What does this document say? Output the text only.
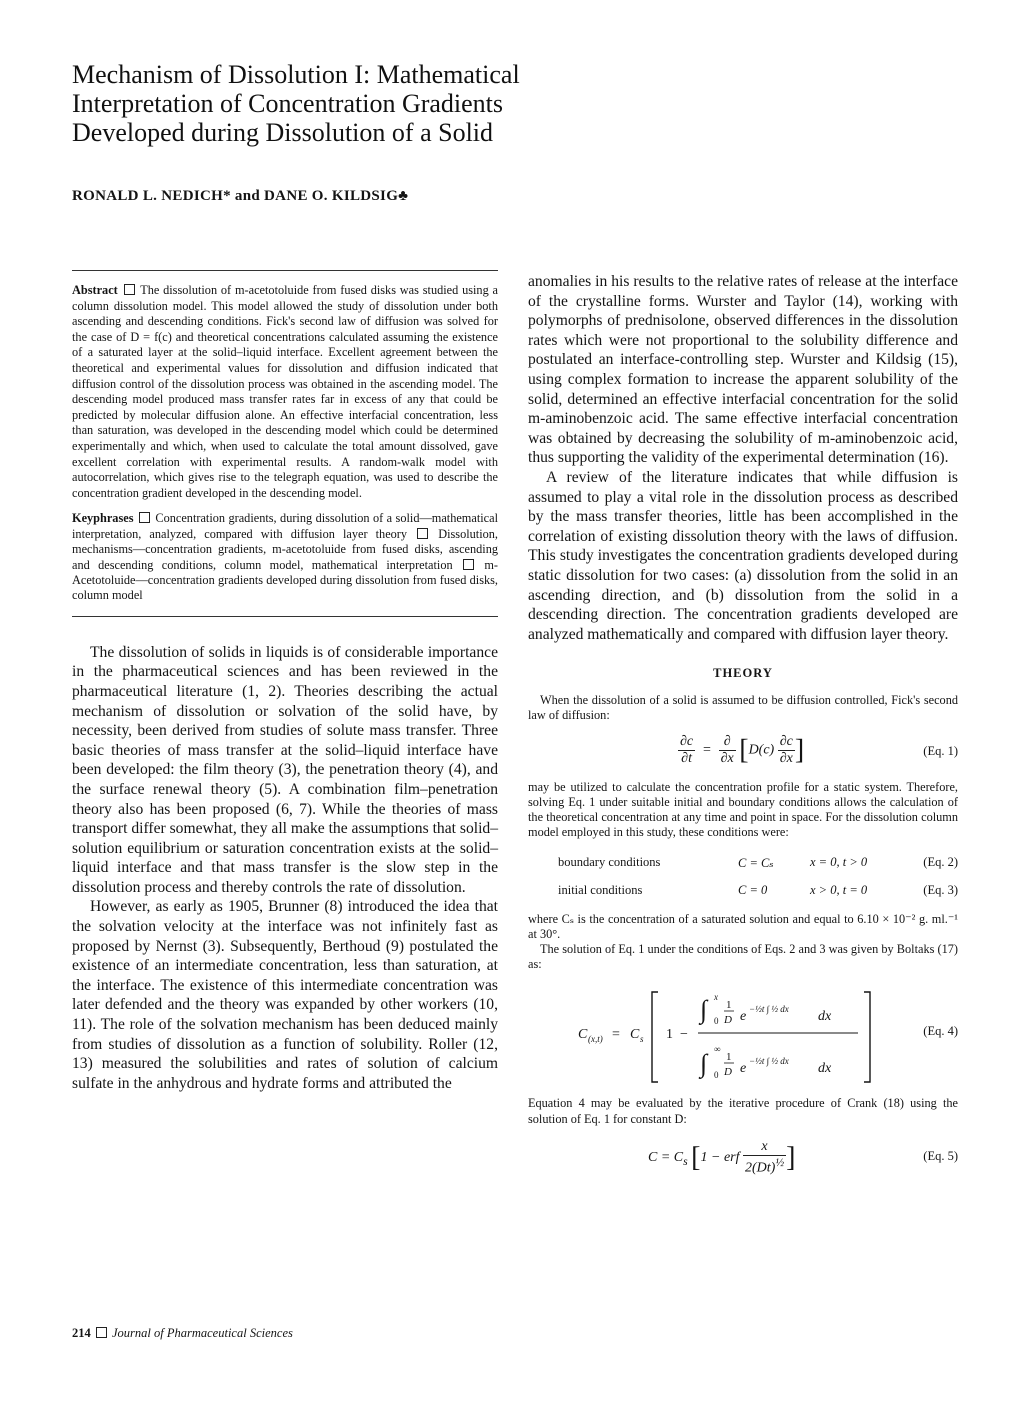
Mechanism of Dissolution I: Mathematical
Interpretation of Concentration Gradients
Developed during Dissolution of a Solid

RONALD L. NEDICH* and DANE O. KILDSIG♣

Abstract The dissolution of m-acetotoluide from fused disks was studied using a column dissolution model. This model allowed the study of dissolution under both ascending and descending conditions. Fick's second law of diffusion was solved for the case of D = f(c) and theoretical concentrations calculated assuming the existence of a saturated layer at the solid–liquid interface. Excellent agreement between the theoretical and experimental values for dissolution and diffusion indicated that diffusion control of the dissolution process was obtained in the ascending model. The descending model produced mass transfer rates far in excess of any that could be predicted by molecular diffusion alone. An effective interfacial concentration, less than saturation, was developed in the descending model which could be determined experimentally and which, when used to calculate the total amount dissolved, gave excellent correlation with experimental results. A random-walk model with autocorrelation, which gives rise to the telegraph equation, was used to describe the concentration gradient developed in the descending model.

Keyphrases Concentration gradients, during dissolution of a solid—mathematical interpretation, analyzed, compared with diffusion layer theory	Dissolution, mechanisms—concentration gradients, m-acetotoluide from fused disks, ascending and descending conditions, column model, mathematical interpretation	m-Acetotoluide—concentration gradients developed during dissolution from fused disks, column model

The dissolution of solids in liquids is of considerable importance in the pharmaceutical sciences and has been reviewed in the pharmaceutical literature (1, 2). Theories describing the actual mechanism of dissolution or solvation of the solid have, by necessity, been derived from studies of solute mass transfer. Three basic theories of mass transfer at the solid–liquid interface have been developed: the film theory (3), the penetration theory (4), and the surface renewal theory (5). A combination film–penetration theory also has been proposed (6, 7). While the theories of mass transport differ somewhat, they all make the assumptions that solid–solution equilibrium or saturation concentration exists at the solid–liquid interface and that mass transfer is the slow step in the dissolution process and thereby controls the rate of dissolution.

However, as early as 1905, Brunner (8) introduced the idea that the solvation velocity at the interface was not infinitely fast as proposed by Nernst (3). Subsequently, Berthoud (9) postulated the existence of an intermediate concentration, less than saturation, at the interface. The existence of this intermediate concentration was later defended and the theory was expanded by other workers (10, 11). The role of the solvation mechanism has been deduced mainly from studies of dissolution as a function of solubility. Roller (12, 13) measured the solubilities and rates of solution of calcium sulfate in the anhydrous and hydrate forms and attributed the

anomalies in his results to the relative rates of release at the interface of the crystalline forms. Wurster and Taylor (14), working with polymorphs of prednisolone, observed differences in the dissolution rates which were not proportional to the solubility difference and postulated an interface-controlling step. Wurster and Kildsig (15), using complex formation to increase the apparent solubility of the solid, determined an effective interfacial concentration for the solid m-aminobenzoic acid. The same effective interfacial concentration was obtained by decreasing the solubility of m-aminobenzoic acid, thus supporting the validity of the experimental determination (16).

A review of the literature indicates that while diffusion is assumed to play a vital role in the dissolution process as described by the mass transfer theories, little has been accomplished in the correlation of existing dissolution theory with the laws of diffusion. This study investigates the concentration gradients developed during static dissolution for two cases: (a) dissolution from the solid in an ascending direction, and (b) dissolution from the solid in a descending direction. The concentration gradients developed are analyzed mathematically and compared with diffusion layer theory.

THEORY

When the dissolution of a solid is assumed to be diffusion controlled, Fick's second law of diffusion:

$\frac{\partial c}{\partial t} = \frac{\partial}{\partial x} [D(c) \frac{\partial c}{\partial x}$ ]	(Eq. 1)

may be utilized to calculate the concentration profile for a static system. Therefore, solving Eq. 1 under suitable initial and boundary conditions allows the calculation of the theoretical concentration at any time and point in space. For the dissolution column model employed in this study, these conditions were:

boundary conditions	C = Cₛ	x = 0, t > 0	(Eq. 2)
initial conditions	C = 0	x > 0, t = 0	(Eq. 3)

where Cₛ is the concentration of a saturated solution and equal to 6.10 × 10⁻² g. ml.⁻¹ at 30°.

The solution of Eq. 1 under the conditions of Eqs. 2 and 3 was given by Boltaks (17) as:

C (x,t) = C s 1 −
∫ x
0
1
D e −½t ∫ ½ dx dx
∫ ∞
0
1
D e −½t ∫ ½ dx dx
(Eq. 4)

Equation 4 may be evaluated by the iterative procedure of Crank (18) using the solution of Eq. 1 for constant D:

$C = C_s$ [1 − erf $\frac{x}{2(Dt)^{\frac{1}{2}}}$ ]	(Eq. 5)
214 Journal of Pharmaceutical Sciences
